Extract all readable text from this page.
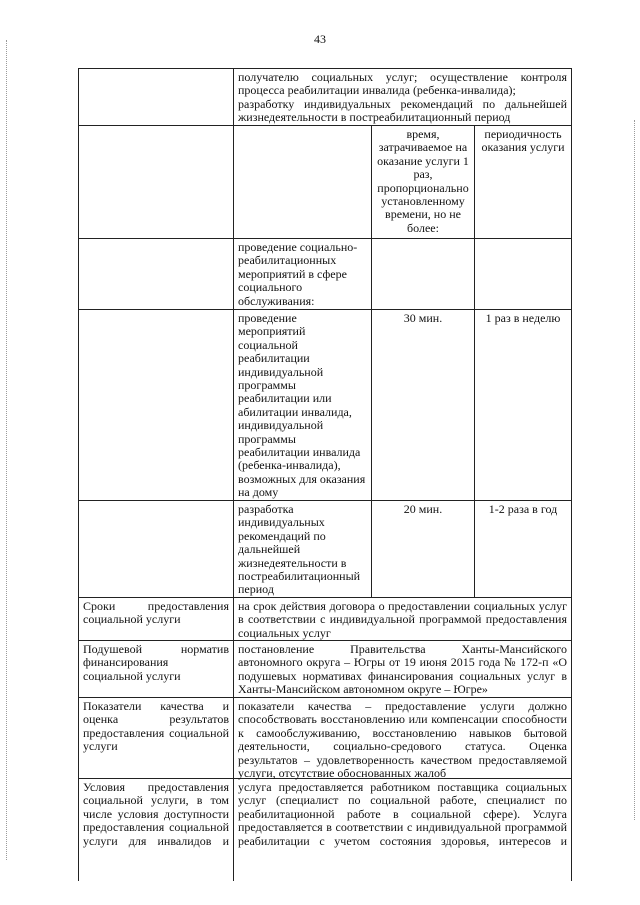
43
получателю социальных услуг; осуществление контроля
процесса реабилитации инвалида (ребенка-инвалида);
разработку индивидуальных рекомендаций по дальнейшей
жизнедеятельности в постреабилитационный период
время, затрачиваемое на оказание услуги 1 раз, пропорционально установленному времени, но не более:
периодичность оказания услуги
проведение социально-реабилитационных мероприятий в сфере социального обслуживания:
проведение мероприятий социальной реабилитации индивидуальной программы реабилитации или абилитации инвалида, индивидуальной программы реабилитации инвалида (ребенка-инвалида), возможных для оказания на дому
30 мин.	1 раз в неделю
разработка индивидуальных рекомендаций по дальнейшей жизнедеятельности в постреабилитационный период
20 мин.	1-2 раза в год
Сроки предоставления социальной услуги
на срок действия договора о предоставлении социальных услуг в соответствии с индивидуальной программой предоставления социальных услуг
Подушевой норматив финансирования социальной услуги
постановление Правительства Ханты-Мансийского автономного округа – Югры от 19 июня 2015 года № 172-п «О подушевых нормативах финансирования социальных услуг в Ханты-Мансийском автономном округе – Югре»
Показатели качества и оценка результатов предоставления социальной услуги
показатели качества – предоставление услуги должно способствовать восстановлению или компенсации способности к самообслуживанию, восстановлению навыков бытовой деятельности, социально-средового статуса. Оценка результатов – удовлетворенность качеством предоставляемой услуги, отсутствие обоснованных жалоб
Условия предоставления социальной услуги, в том числе условия доступности предоставления социальной услуги для инвалидов и
услуга предоставляется работником поставщика социальных услуг (специалист по социальной работе, специалист по реабилитационной работе в социальной сфере). Услуга предоставляется в соответствии с индивидуальной программой реабилитации с учетом состояния здоровья, интересов и
